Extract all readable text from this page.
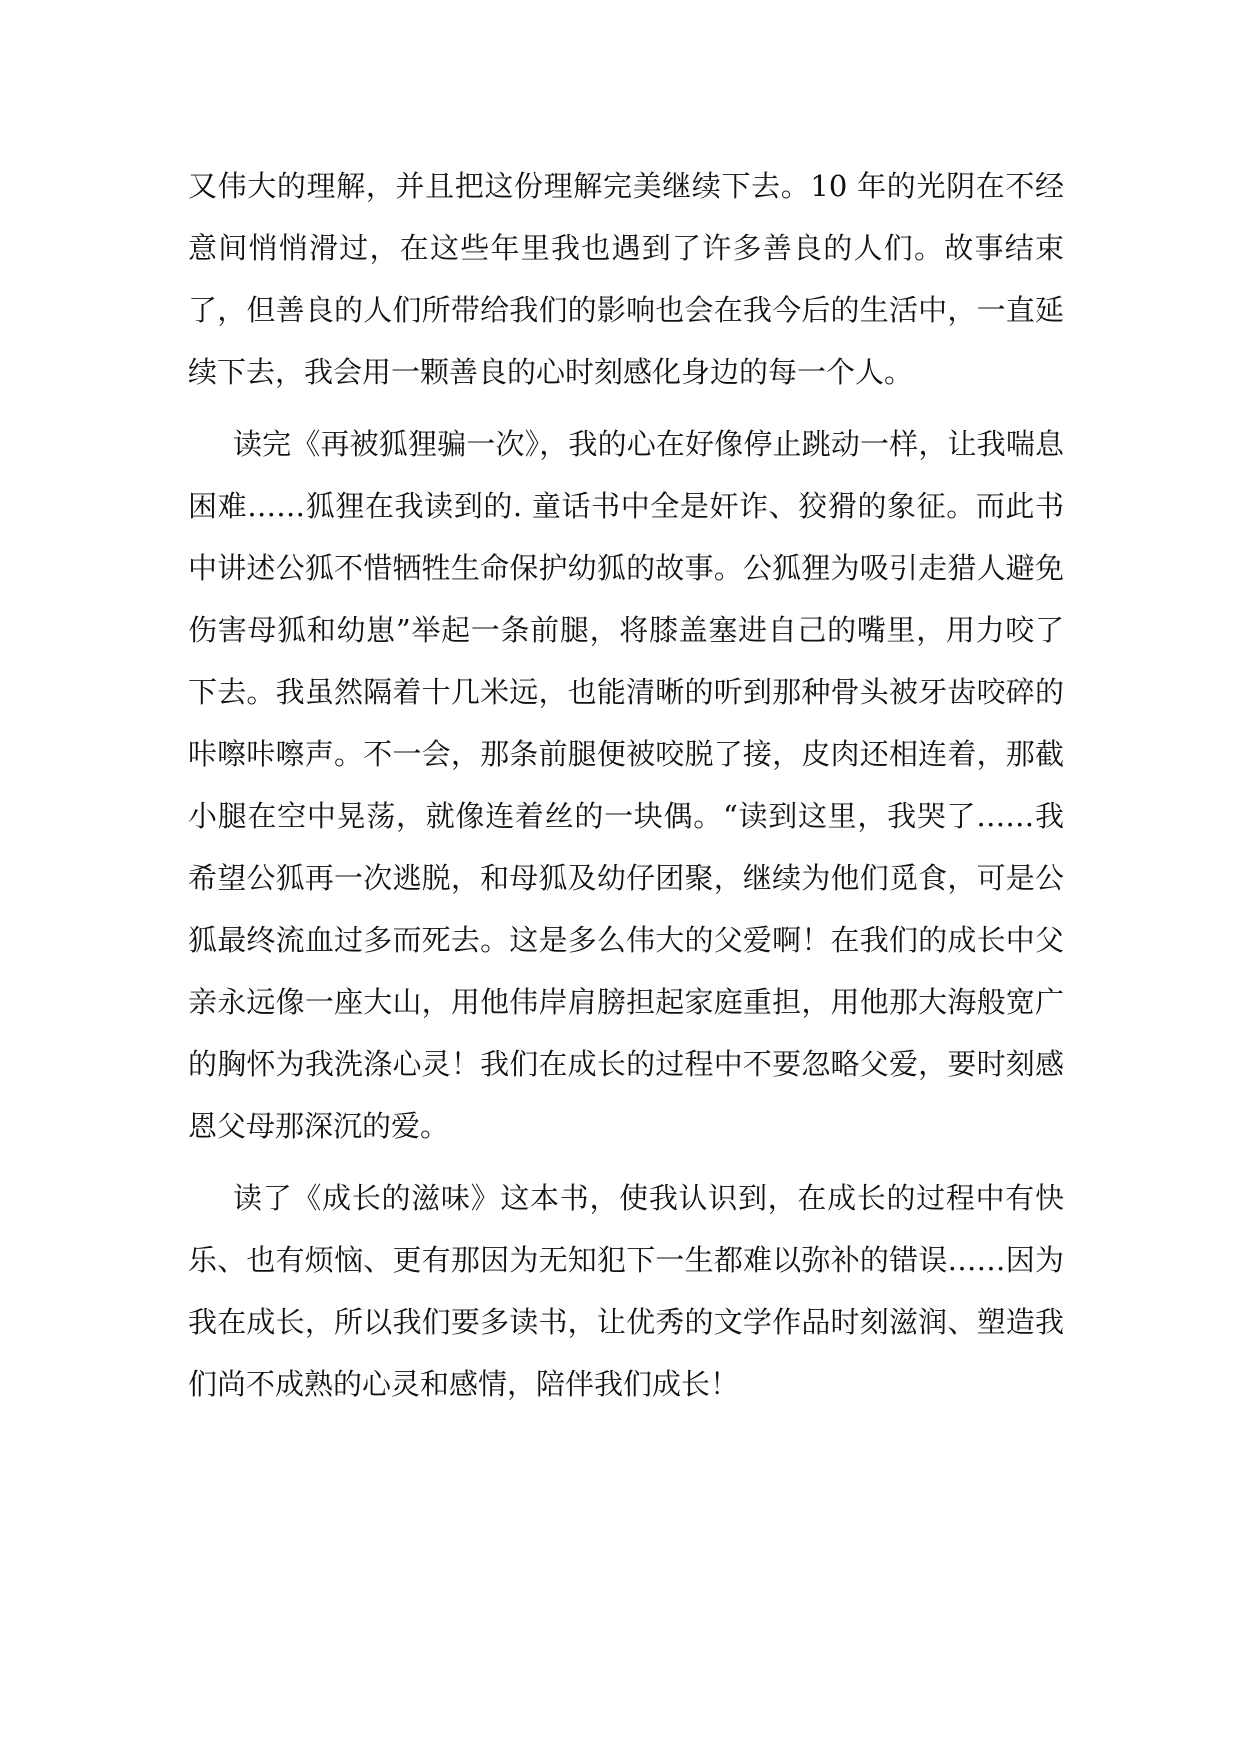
又伟大的理解，并且把这份理解完美继续下去。10 年的光阴在不经意间悄悄滑过，在这些年里我也遇到了许多善良的人们。故事结束了，但善良的人们所带给我们的影响也会在我今后的生活中，一直延续下去，我会用一颗善良的心时刻感化身边的每一个人。

读完《再被狐狸骗一次》，我的心在好像停止跳动一样，让我喘息困难……狐狸在我读到的. 童话书中全是奸诈、狡猾的象征。而此书中讲述公狐不惜牺牲生命保护幼狐的故事。公狐狸为吸引走猎人避免伤害母狐和幼崽”举起一条前腿，将膝盖塞进自己的嘴里，用力咬了下去。我虽然隔着十几米远，也能清晰的听到那种骨头被牙齿咬碎的咔嚓咔嚓声。不一会，那条前腿便被咬脱了接，皮肉还相连着，那截小腿在空中晃荡，就像连着丝的一块偶。“读到这里，我哭了……我希望公狐再一次逃脱，和母狐及幼仔团聚，继续为他们觅食，可是公狐最终流血过多而死去。这是多么伟大的父爱啊！在我们的成长中父亲永远像一座大山，用他伟岸肩膀担起家庭重担，用他那大海般宽广的胸怀为我洗涤心灵！我们在成长的过程中不要忽略父爱，要时刻感恩父母那深沉的爱。

读了《成长的滋味》这本书，使我认识到，在成长的过程中有快乐、也有烦恼、更有那因为无知犯下一生都难以弥补的错误……因为我在成长，所以我们要多读书，让优秀的文学作品时刻滋润、塑造我们尚不成熟的心灵和感情，陪伴我们成长！
